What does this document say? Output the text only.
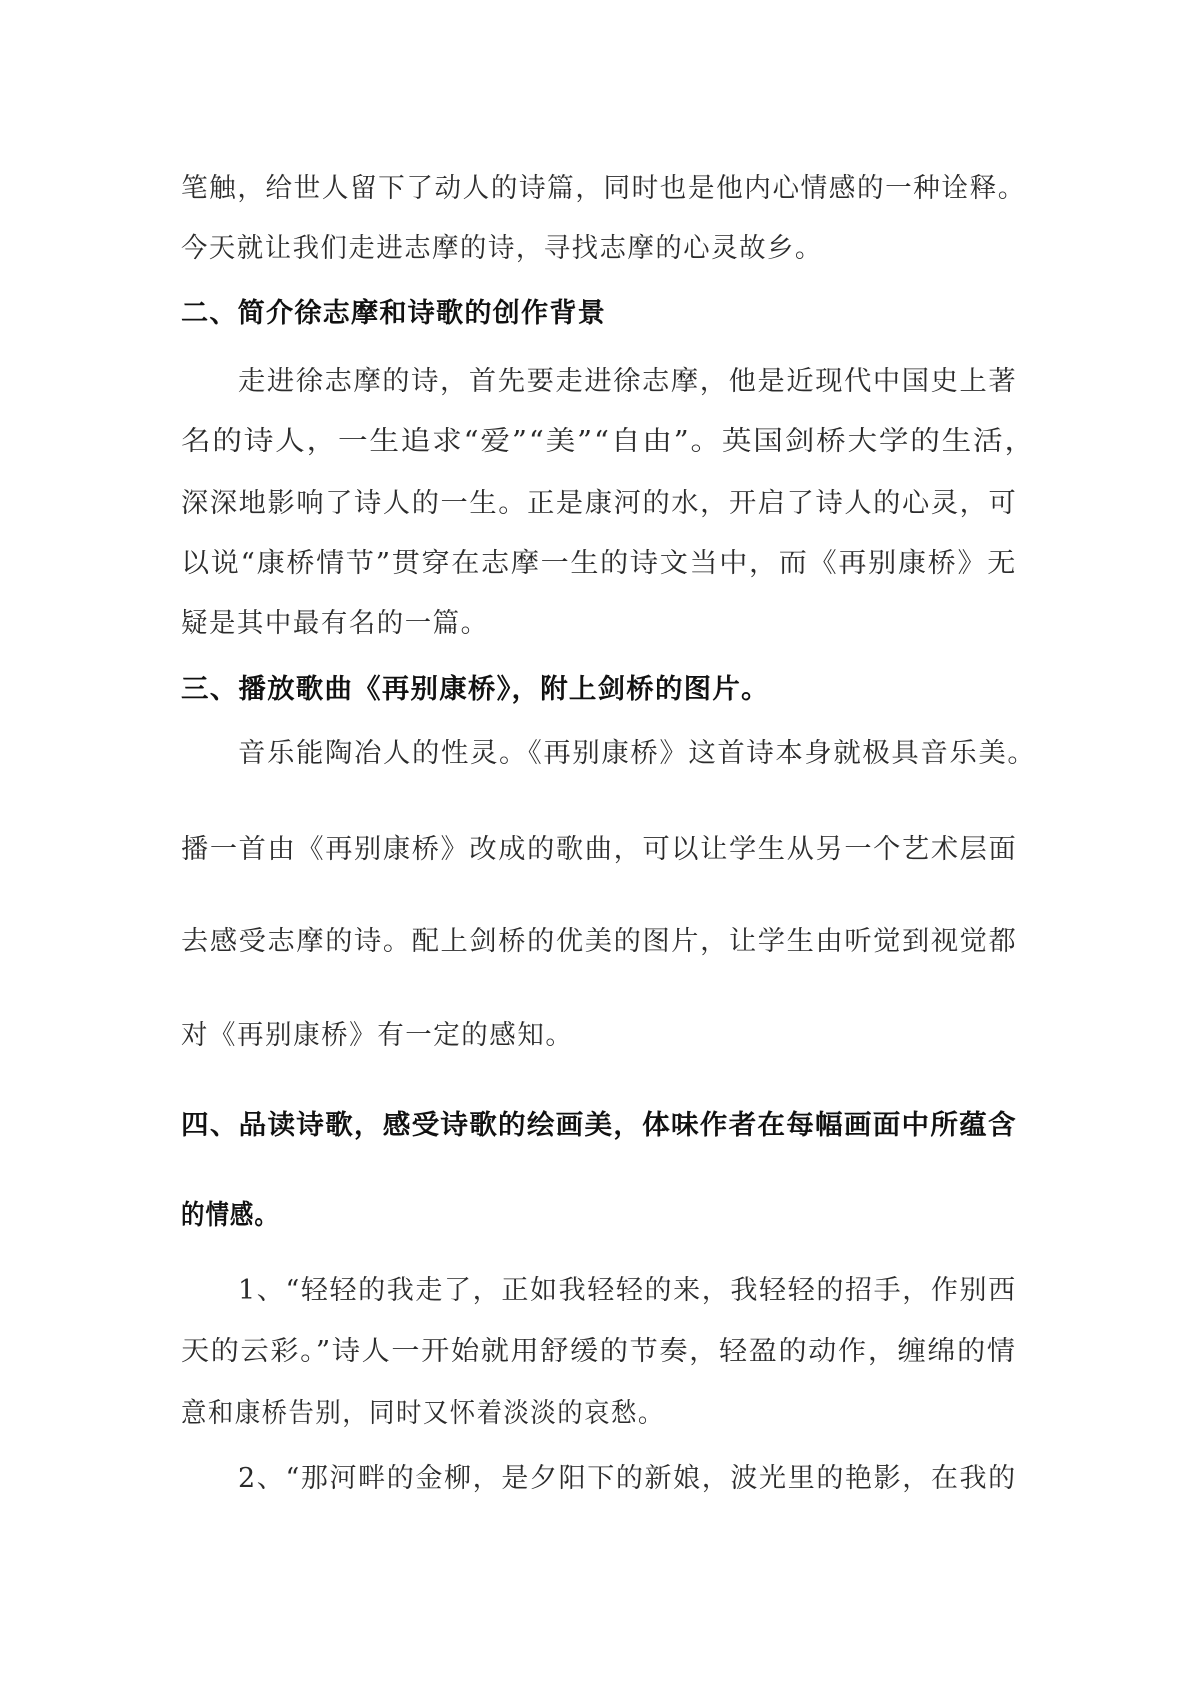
笔触，给世人留下了动人的诗篇，同时也是他内心情感的一种诠释。
今天就让我们走进志摩的诗，寻找志摩的心灵故乡。
二、简介徐志摩和诗歌的创作背景
走进徐志摩的诗，首先要走进徐志摩，他是近现代中国史上著
名的诗人，一生追求“爱”“美”“自由”。英国剑桥大学的生活，
深深地影响了诗人的一生。正是康河的水，开启了诗人的心灵，可
以说“康桥情节”贯穿在志摩一生的诗文当中，而《再别康桥》无
疑是其中最有名的一篇。
三、播放歌曲《再别康桥》，附上剑桥的图片。
音乐能陶冶人的性灵。《再别康桥》这首诗本身就极具音乐美。
播一首由《再别康桥》改成的歌曲，可以让学生从另一个艺术层面
去感受志摩的诗。配上剑桥的优美的图片，让学生由听觉到视觉都
对《再别康桥》有一定的感知。
四、品读诗歌，感受诗歌的绘画美，体味作者在每幅画面中所蕴含
的情感。
1、“轻轻的我走了，正如我轻轻的来，我轻轻的招手，作别西
天的云彩。”诗人一开始就用舒缓的节奏，轻盈的动作，缠绵的情
意和康桥告别，同时又怀着淡淡的哀愁。
2、“那河畔的金柳，是夕阳下的新娘，波光里的艳影，在我的
